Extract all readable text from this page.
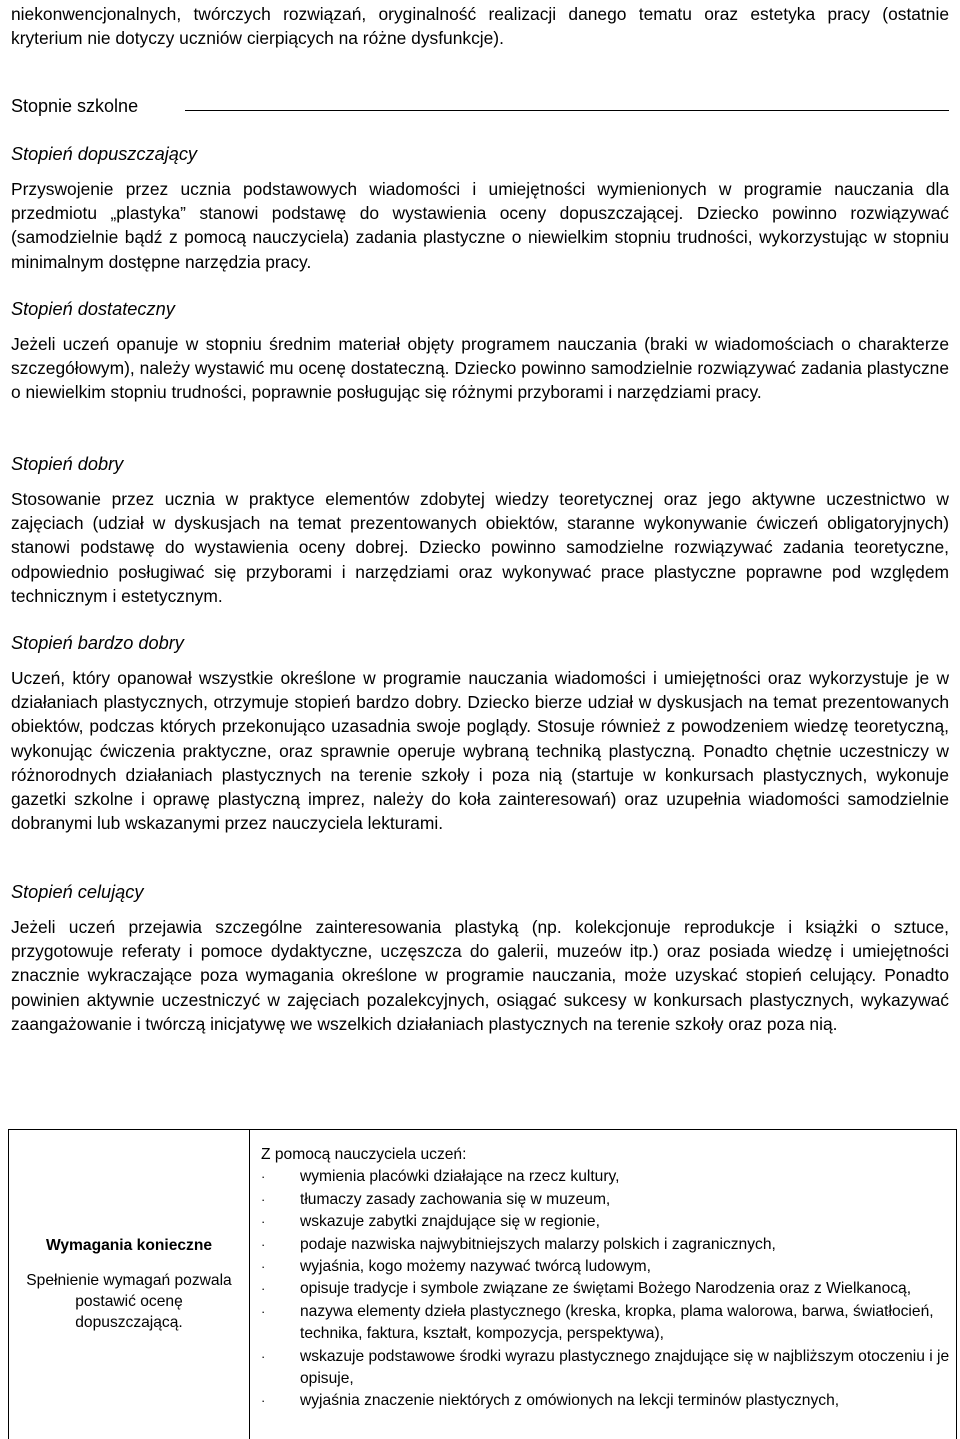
niekonwencjonalnych, twórczych rozwiązań, oryginalność realizacji danego tematu oraz estetyka pracy (ostatnie kryterium nie dotyczy uczniów cierpiących na różne dysfunkcje).

Stopnie szkolne
Stopień dopuszczający

Przyswojenie przez ucznia podstawowych wiadomości i umiejętności wymienionych w programie nauczania dla przedmiotu „plastyka” stanowi podstawę do wystawienia oceny dopuszczającej. Dziecko powinno rozwiązywać (samodzielnie bądź z pomocą nauczyciela) zadania plastyczne o niewielkim stopniu trudności, wykorzystując w stopniu minimalnym dostępne narzędzia pracy.

Stopień dostateczny

Jeżeli uczeń opanuje w stopniu średnim materiał objęty programem nauczania (braki w wiadomościach o charakterze szczegółowym), należy wystawić mu ocenę dostateczną. Dziecko powinno samodzielnie rozwiązywać zadania plastyczne o niewielkim stopniu trudności, poprawnie posługując się różnymi przyborami i narzędziami pracy.

Stopień dobry

Stosowanie przez ucznia w praktyce elementów zdobytej wiedzy teoretycznej oraz jego aktywne uczestnictwo w zajęciach (udział w dyskusjach na temat prezentowanych obiektów, staranne wykonywanie ćwiczeń obligatoryjnych) stanowi podstawę do wystawienia oceny dobrej. Dziecko powinno samodzielne rozwiązywać zadania teoretyczne, odpowiednio posługiwać się przyborami i narzędziami oraz wykonywać prace plastyczne poprawne pod względem technicznym i estetycznym.

Stopień bardzo dobry

Uczeń, który opanował wszystkie określone w programie nauczania wiadomości i umiejętności oraz wykorzystuje je w działaniach plastycznych, otrzymuje stopień bardzo dobry. Dziecko bierze udział w dyskusjach na temat prezentowanych obiektów, podczas których przekonująco uzasadnia swoje poglądy. Stosuje również z powodzeniem wiedzę teoretyczną, wykonując ćwiczenia praktyczne, oraz sprawnie operuje wybraną techniką plastyczną. Ponadto chętnie uczestniczy w różnorodnych działaniach plastycznych na terenie szkoły i poza nią (startuje w konkursach plastycznych, wykonuje gazetki szkolne i oprawę plastyczną imprez, należy do koła zainteresowań) oraz uzupełnia wiadomości samodzielnie dobranymi lub wskazanymi przez nauczyciela lekturami.

Stopień celujący

Jeżeli uczeń przejawia szczególne zainteresowania plastyką (np. kolekcjonuje reprodukcje i książki o sztuce, przygotowuje referaty i pomoce dydaktyczne, uczęszcza do galerii, muzeów itp.) oraz posiada wiedzę i umiejętności znacznie wykraczające poza wymagania określone w programie nauczania, może uzyskać stopień celujący. Ponadto powinien aktywnie uczestniczyć w zajęciach pozalekcyjnych, osiągać sukcesy w konkursach plastycznych, wykazywać zaangażowanie i twórczą inicjatywę we wszelkich działaniach plastycznych na terenie szkoły oraz poza nią.

Wymagania konieczne
Spełnienie wymagań pozwala postawić ocenę dopuszczającą.
Z pomocą nauczyciela uczeń:
· wymienia placówki działające na rzecz kultury,
· tłumaczy zasady zachowania się w muzeum,
· wskazuje zabytki znajdujące się w regionie,
· podaje nazwiska najwybitniejszych malarzy polskich i zagranicznych,
· wyjaśnia, kogo możemy nazywać twórcą ludowym,
· opisuje tradycje i symbole związane ze świętami Bożego Narodzenia oraz z Wielkanocą,
· nazywa elementy dzieła plastycznego (kreska, kropka, plama walorowa, barwa, światłocień, technika, faktura, kształt, kompozycja, perspektywa),
· wskazuje podstawowe środki wyrazu plastycznego znajdujące się w najbliższym otoczeniu i je opisuje,
· wyjaśnia znaczenie niektórych z omówionych na lekcji terminów plastycznych,
